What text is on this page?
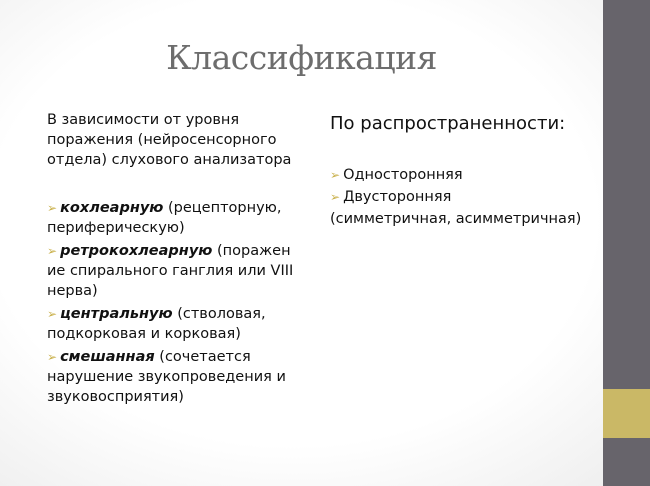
Классификация
В зависимости от уровня поражения (нейросенсорного отдела) слухового анализатора
➢ кохлеарную (рецепторную, периферическую)
➢ ретрокохлеарную (поражен ие спирального ганглия или VIII нерва)
➢ центральную (стволовая, подкорковая и корковая)
➢ смешанная (сочетается нарушение звукопроведения и звуковосприятия)
По распространенности:
➢ Односторонняя
➢ Двусторонняя
(симметричная, асимметричная)
